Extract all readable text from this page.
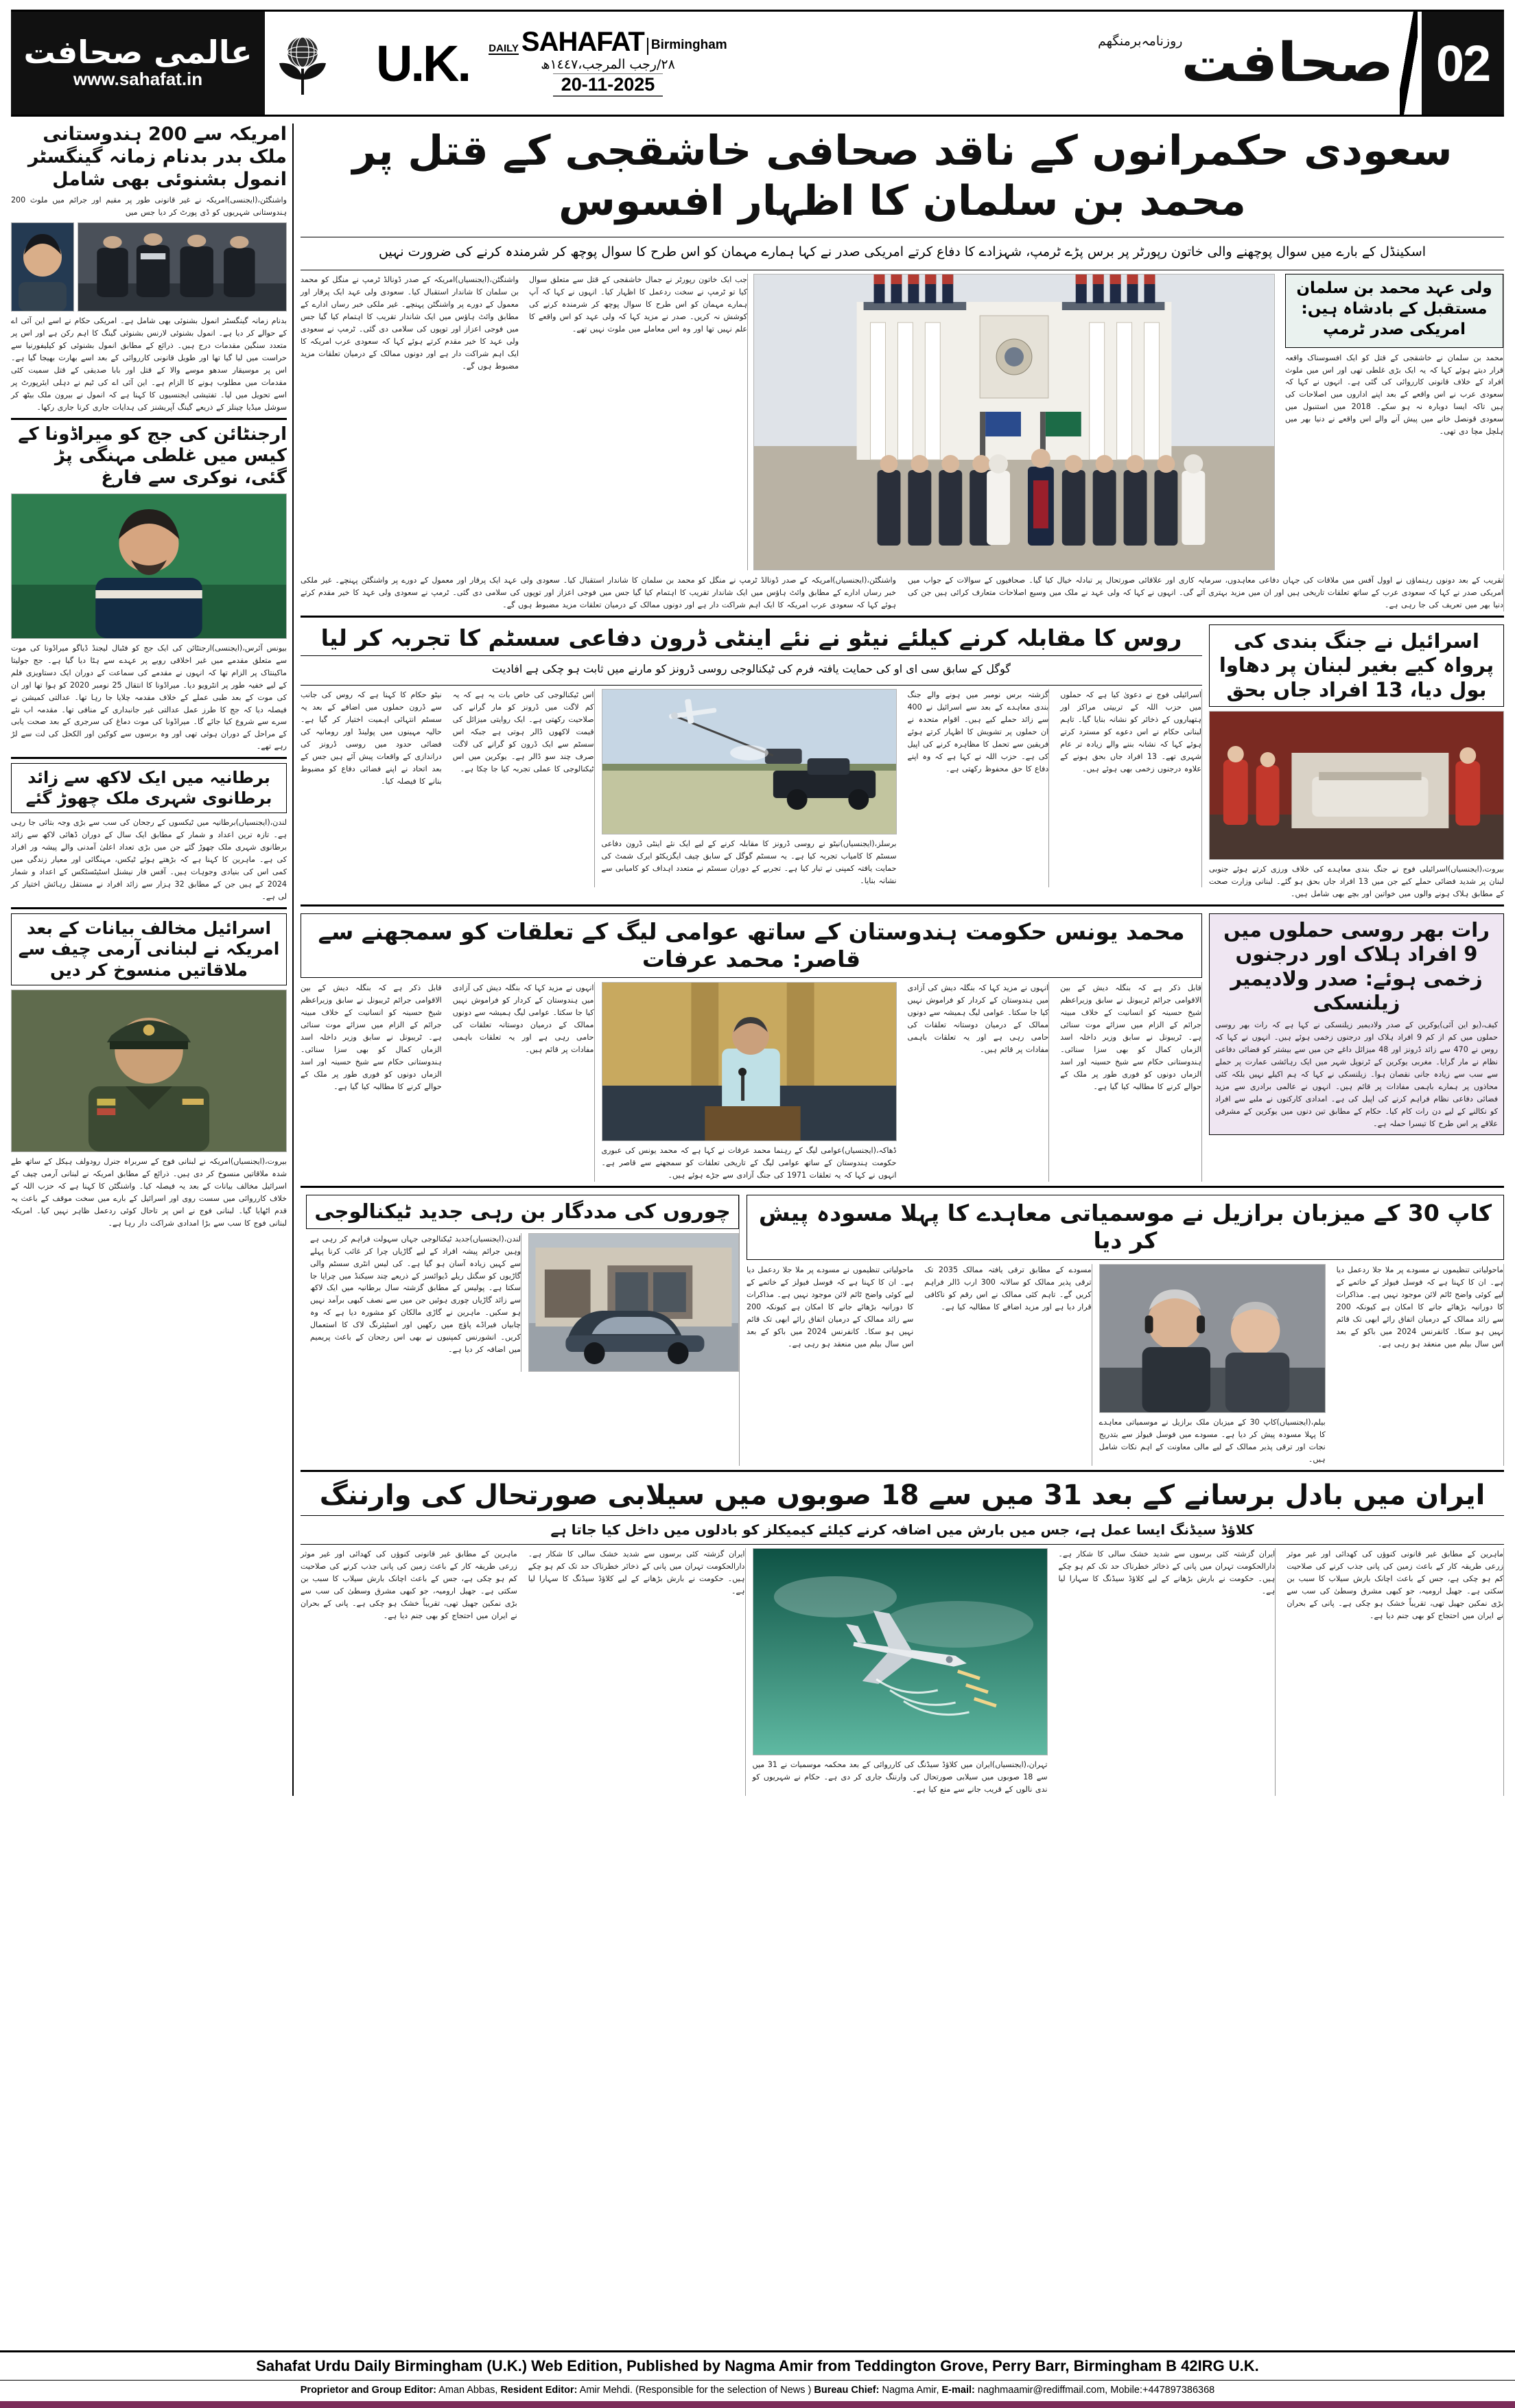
02
صحافت
روزنامہ
برمنگھم
DAILY SAHAFAT Birmingham
٢٨/رجب المرجب،١٤٤٧ھ
20-11-2025
U.K.
عالمی صحافت
www.sahafat.in
سعودی حکمرانوں کے ناقد صحافی خاشقجی کے قتل پر محمد بن سلمان کا اظہار افسوس
اسکینڈل کے بارے میں سوال پوچھنے والی خاتون رپورٹر پر برس پڑے ٹرمپ، شہزادے کا دفاع کرتے امریکی صدر نے کہا ہمارے مہمان کو اس طرح کا سوال پوچھ کر شرمندہ کرنے کی ضرورت نہیں
ولی عہد محمد بن سلمان مستقبل کے بادشاہ ہیں: امریکی صدر ٹرمپ
محمد بن سلمان نے خاشقجی کے قتل کو ایک افسوسناک واقعہ قرار دیتے ہوئے کہا کہ یہ ایک بڑی غلطی تھی اور اس میں ملوث افراد کے خلاف قانونی کارروائی کی گئی ہے۔ انہوں نے کہا کہ سعودی عرب نے اس واقعے کے بعد اپنے اداروں میں اصلاحات کی ہیں تاکہ ایسا دوبارہ نہ ہو سکے۔ 2018 میں استنبول میں سعودی قونصل خانے میں پیش آنے والے اس واقعے نے دنیا بھر میں ہلچل مچا دی تھی۔
جب ایک خاتون رپورٹر نے جمال خاشقجی کے قتل سے متعلق سوال کیا تو ٹرمپ نے سخت ردعمل کا اظہار کیا۔ انہوں نے کہا کہ آپ ہمارے مہمان کو اس طرح کا سوال پوچھ کر شرمندہ کرنے کی کوشش نہ کریں۔ صدر نے مزید کہا کہ ولی عہد کو اس واقعے کا علم نہیں تھا اور وہ اس معاملے میں ملوث نہیں تھے۔
واشنگٹن،(ایجنسیاں)امریکہ کے صدر ڈونالڈ ٹرمپ نے منگل کو محمد بن سلمان کا شاندار استقبال کیا۔ سعودی ولی عہد ایک پرقار اور معمول کے دورے پر واشنگٹن پہنچے۔ غیر ملکی خبر رساں ادارے کے مطابق وائٹ ہاؤس میں ایک شاندار تقریب کا اہتمام کیا گیا جس میں فوجی اعزاز اور توپوں کی سلامی دی گئی۔ ٹرمپ نے سعودی ولی عہد کا خیر مقدم کرتے ہوئے کہا کہ سعودی عرب امریکہ کا ایک اہم شراکت دار ہے اور دونوں ممالک کے درمیان تعلقات مزید مضبوط ہوں گے۔
تقریب کے بعد دونوں رہنماؤں نے اوول آفس میں ملاقات کی جہاں دفاعی معاہدوں، سرمایہ کاری اور علاقائی صورتحال پر تبادلہ خیال کیا گیا۔ صحافیوں کے سوالات کے جواب میں امریکی صدر نے کہا کہ سعودی عرب کے ساتھ تعلقات تاریخی ہیں اور ان میں مزید بہتری آئے گی۔ انہوں نے کہا کہ ولی عہد نے ملک میں وسیع اصلاحات متعارف کرائی ہیں جن کی دنیا بھر میں تعریف کی جا رہی ہے۔
واشنگٹن،(ایجنسیاں)امریکہ کے صدر ڈونالڈ ٹرمپ نے منگل کو محمد بن سلمان کا شاندار استقبال کیا۔ سعودی ولی عہد ایک پرقار اور معمول کے دورے پر واشنگٹن پہنچے۔ غیر ملکی خبر رساں ادارے کے مطابق وائٹ ہاؤس میں ایک شاندار تقریب کا اہتمام کیا گیا جس میں فوجی اعزاز اور توپوں کی سلامی دی گئی۔ ٹرمپ نے سعودی ولی عہد کا خیر مقدم کرتے ہوئے کہا کہ سعودی عرب امریکہ کا ایک اہم شراکت دار ہے اور دونوں ممالک کے درمیان تعلقات مزید مضبوط ہوں گے۔
اسرائیل نے جنگ بندی کی پرواہ کیے بغیر لبنان پر دھاوا بول دیا، 13 افراد جاں بحق
بیروت،(ایجنسیاں)اسرائیلی فوج نے جنگ بندی معاہدے کی خلاف ورزی کرتے ہوئے جنوبی لبنان پر شدید فضائی حملے کیے جن میں 13 افراد جاں بحق ہو گئے۔ لبنانی وزارت صحت کے مطابق ہلاک ہونے والوں میں خواتین اور بچے بھی شامل ہیں۔
روس کا مقابلہ کرنے کیلئے نیٹو نے نئے اینٹی ڈرون دفاعی سسٹم کا تجربہ کر لیا
گوگل کے سابق سی ای او کی حمایت یافتہ فرم کی ٹیکنالوجی روسی ڈرونز کو مارنے میں ثابت ہو چکی ہے افادیت
اسرائیلی فوج نے دعویٰ کیا ہے کہ حملوں میں حزب اللہ کے تربیتی مراکز اور ہتھیاروں کے ذخائر کو نشانہ بنایا گیا۔ تاہم لبنانی حکام نے اس دعوے کو مسترد کرتے ہوئے کہا کہ نشانہ بننے والے زیادہ تر عام شہری تھے۔ 13 افراد جاں بحق ہونے کے علاوہ درجنوں زخمی بھی ہوئے ہیں۔
گزشتہ برس نومبر میں ہونے والے جنگ بندی معاہدے کے بعد سے اسرائیل نے 400 سے زائد حملے کیے ہیں۔ اقوام متحدہ نے ان حملوں پر تشویش کا اظہار کرتے ہوئے فریقین سے تحمل کا مظاہرہ کرنے کی اپیل کی ہے۔ حزب اللہ نے کہا ہے کہ وہ اپنے دفاع کا حق محفوظ رکھتی ہے۔
برسلز،(ایجنسیاں)نیٹو نے روسی ڈرونز کا مقابلہ کرنے کے لیے ایک نئے اینٹی ڈرون دفاعی سسٹم کا کامیاب تجربہ کیا ہے۔ یہ سسٹم گوگل کے سابق چیف ایگزیکٹو ایرک شمٹ کی حمایت یافتہ کمپنی نے تیار کیا ہے۔ تجربے کے دوران سسٹم نے متعدد اہداف کو کامیابی سے نشانہ بنایا۔
اس ٹیکنالوجی کی خاص بات یہ ہے کہ یہ کم لاگت میں ڈرونز کو مار گرانے کی صلاحیت رکھتی ہے۔ ایک روایتی میزائل کی قیمت لاکھوں ڈالر ہوتی ہے جبکہ اس سسٹم سے ایک ڈرون کو گرانے کی لاگت صرف چند سو ڈالر ہے۔ یوکرین میں اس ٹیکنالوجی کا عملی تجربہ کیا جا چکا ہے۔
نیٹو حکام کا کہنا ہے کہ روس کی جانب سے ڈرون حملوں میں اضافے کے بعد یہ سسٹم انتہائی اہمیت اختیار کر گیا ہے۔ حالیہ مہینوں میں پولینڈ اور رومانیہ کی فضائی حدود میں روسی ڈرونز کی دراندازی کے واقعات پیش آئے ہیں جس کے بعد اتحاد نے اپنے فضائی دفاع کو مضبوط بنانے کا فیصلہ کیا۔
رات بھر روسی حملوں میں 9 افراد ہلاک اور درجنوں زخمی ہوئے: صدر ولادیمیر زیلنسکی
کیف،(یو این آئی)یوکرین کے صدر ولادیمیر زیلنسکی نے کہا ہے کہ رات بھر روسی حملوں میں کم از کم 9 افراد ہلاک اور درجنوں زخمی ہوئے ہیں۔ انہوں نے کہا کہ روس نے 470 سے زائد ڈرونز اور 48 میزائل داغے جن میں سے بیشتر کو فضائی دفاعی نظام نے مار گرایا۔ مغربی یوکرین کے ٹرنوپل شہر میں ایک رہائشی عمارت پر حملے سے سب سے زیادہ جانی نقصان ہوا۔ زیلنسکی نے کہا کہ ہم اکیلے نہیں بلکہ کئی محاذوں پر ہمارے باہمی مفادات پر قائم ہیں۔ انہوں نے عالمی برادری سے مزید فضائی دفاعی نظام فراہم کرنے کی اپیل کی ہے۔ امدادی کارکنوں نے ملبے سے افراد کو نکالنے کے لیے دن رات کام کیا۔ حکام کے مطابق تین دنوں میں یوکرین کے مشرقی علاقے پر اس طرح کا تیسرا حملہ ہے۔
محمد یونس حکومت ہندوستان کے ساتھ عوامی لیگ کے تعلقات کو سمجھنے سے قاصر: محمد عرفات
قابل ذکر ہے کہ بنگلہ دیش کے بین الاقوامی جرائم ٹریبونل نے سابق وزیراعظم شیخ حسینہ کو انسانیت کے خلاف مبینہ جرائم کے الزام میں سزائے موت سنائی ہے۔ ٹریبونل نے سابق وزیر داخلہ اسد الزماں کمال کو بھی سزا سنائی۔ ہندوستانی حکام سے شیخ حسینہ اور اسد الزماں دونوں کو فوری طور پر ملک کے حوالے کرنے کا مطالبہ کیا گیا ہے۔
انہوں نے مزید کہا کہ بنگلہ دیش کی آزادی میں ہندوستان کے کردار کو فراموش نہیں کیا جا سکتا۔ عوامی لیگ ہمیشہ سے دونوں ممالک کے درمیان دوستانہ تعلقات کی حامی رہی ہے اور یہ تعلقات باہمی مفادات پر قائم ہیں۔
ڈھاکہ،(ایجنسیاں)عوامی لیگ کے رہنما محمد عرفات نے کہا ہے کہ محمد یونس کی عبوری حکومت ہندوستان کے ساتھ عوامی لیگ کے تاریخی تعلقات کو سمجھنے سے قاصر ہے۔ انہوں نے کہا کہ یہ تعلقات 1971 کی جنگ آزادی سے جڑے ہوئے ہیں۔
انہوں نے مزید کہا کہ بنگلہ دیش کی آزادی میں ہندوستان کے کردار کو فراموش نہیں کیا جا سکتا۔ عوامی لیگ ہمیشہ سے دونوں ممالک کے درمیان دوستانہ تعلقات کی حامی رہی ہے اور یہ تعلقات باہمی مفادات پر قائم ہیں۔
قابل ذکر ہے کہ بنگلہ دیش کے بین الاقوامی جرائم ٹریبونل نے سابق وزیراعظم شیخ حسینہ کو انسانیت کے خلاف مبینہ جرائم کے الزام میں سزائے موت سنائی ہے۔ ٹریبونل نے سابق وزیر داخلہ اسد الزماں کمال کو بھی سزا سنائی۔ ہندوستانی حکام سے شیخ حسینہ اور اسد الزماں دونوں کو فوری طور پر ملک کے حوالے کرنے کا مطالبہ کیا گیا ہے۔
کاپ 30 کے میزبان برازیل نے موسمیاتی معاہدے کا پہلا مسودہ پیش کر دیا
ماحولیاتی تنظیموں نے مسودے پر ملا جلا ردعمل دیا ہے۔ ان کا کہنا ہے کہ فوسل فیولز کے خاتمے کے لیے کوئی واضح ٹائم لائن موجود نہیں ہے۔ مذاکرات کا دورانیہ بڑھائے جانے کا امکان ہے کیونکہ 200 سے زائد ممالک کے درمیان اتفاق رائے ابھی تک قائم نہیں ہو سکا۔ کانفرنس 2024 میں باکو کے بعد اس سال بیلم میں منعقد ہو رہی ہے۔
بیلم،(ایجنسیاں)کاپ 30 کے میزبان ملک برازیل نے موسمیاتی معاہدے کا پہلا مسودہ پیش کر دیا ہے۔ مسودے میں فوسل فیولز سے بتدریج نجات اور ترقی پذیر ممالک کے لیے مالی معاونت کے اہم نکات شامل ہیں۔
مسودے کے مطابق ترقی یافتہ ممالک 2035 تک ترقی پذیر ممالک کو سالانہ 300 ارب ڈالر فراہم کریں گے۔ تاہم کئی ممالک نے اس رقم کو ناکافی قرار دیا ہے اور مزید اضافے کا مطالبہ کیا ہے۔
ماحولیاتی تنظیموں نے مسودے پر ملا جلا ردعمل دیا ہے۔ ان کا کہنا ہے کہ فوسل فیولز کے خاتمے کے لیے کوئی واضح ٹائم لائن موجود نہیں ہے۔ مذاکرات کا دورانیہ بڑھائے جانے کا امکان ہے کیونکہ 200 سے زائد ممالک کے درمیان اتفاق رائے ابھی تک قائم نہیں ہو سکا۔ کانفرنس 2024 میں باکو کے بعد اس سال بیلم میں منعقد ہو رہی ہے۔
چوروں کی مددگار بن رہی جدید ٹیکنالوجی
لندن،(ایجنسیاں)جدید ٹیکنالوجی جہاں سہولت فراہم کر رہی ہے وہیں جرائم پیشہ افراد کے لیے گاڑیاں چرا کر غائب کرنا پہلے سے کہیں زیادہ آسان ہو گیا ہے۔ کی لیس انٹری سسٹم والی گاڑیوں کو سگنل ریلے ڈیوائسز کے ذریعے چند سیکنڈ میں چرایا جا سکتا ہے۔ پولیس کے مطابق گزشتہ سال برطانیہ میں ایک لاکھ سے زائد گاڑیاں چوری ہوئیں جن میں سے نصف کبھی برآمد نہیں ہو سکیں۔ ماہرین نے گاڑی مالکان کو مشورہ دیا ہے کہ وہ چابیاں فیراڈے پاؤچ میں رکھیں اور اسٹیئرنگ لاک کا استعمال کریں۔ انشورنس کمپنیوں نے بھی اس رجحان کے باعث پریمیم میں اضافہ کر دیا ہے۔
ایران میں بادل برسانے کے بعد 31 میں سے 18 صوبوں میں سیلابی صورتحال کی وارننگ
کلاؤڈ سیڈنگ ایسا عمل ہے، جس میں بارش میں اضافہ کرنے کیلئے کیمیکلز کو بادلوں میں داخل کیا جاتا ہے
ماہرین کے مطابق غیر قانونی کنوؤں کی کھدائی اور غیر موثر زرعی طریقہ کار کے باعث زمین کی پانی جذب کرنے کی صلاحیت کم ہو چکی ہے، جس کے باعث اچانک بارش سیلاب کا سبب بن سکتی ہے۔ جھیل ارومیہ، جو کبھی مشرق وسطیٰ کی سب سے بڑی نمکین جھیل تھی، تقریباً خشک ہو چکی ہے۔ پانی کے بحران نے ایران میں احتجاج کو بھی جنم دیا ہے۔
ایران گزشتہ کئی برسوں سے شدید خشک سالی کا شکار ہے۔ دارالحکومت تہران میں پانی کے ذخائر خطرناک حد تک کم ہو چکے ہیں۔ حکومت نے بارش بڑھانے کے لیے کلاؤڈ سیڈنگ کا سہارا لیا ہے۔
تہران،(ایجنسیاں)ایران میں کلاؤڈ سیڈنگ کی کارروائی کے بعد محکمہ موسمیات نے 31 میں سے 18 صوبوں میں سیلابی صورتحال کی وارننگ جاری کر دی ہے۔ حکام نے شہریوں کو ندی نالوں کے قریب جانے سے منع کیا ہے۔
ایران گزشتہ کئی برسوں سے شدید خشک سالی کا شکار ہے۔ دارالحکومت تہران میں پانی کے ذخائر خطرناک حد تک کم ہو چکے ہیں۔ حکومت نے بارش بڑھانے کے لیے کلاؤڈ سیڈنگ کا سہارا لیا ہے۔
ماہرین کے مطابق غیر قانونی کنوؤں کی کھدائی اور غیر موثر زرعی طریقہ کار کے باعث زمین کی پانی جذب کرنے کی صلاحیت کم ہو چکی ہے، جس کے باعث اچانک بارش سیلاب کا سبب بن سکتی ہے۔ جھیل ارومیہ، جو کبھی مشرق وسطیٰ کی سب سے بڑی نمکین جھیل تھی، تقریباً خشک ہو چکی ہے۔ پانی کے بحران نے ایران میں احتجاج کو بھی جنم دیا ہے۔
امریکہ سے 200 ہندوستانی ملک بدر بدنام زمانہ گینگسٹر انمول بشنوئی بھی شامل
واشنگٹن،(ایجنسی)امریکہ نے غیر قانونی طور پر مقیم اور جرائم میں ملوث 200 ہندوستانی شہریوں کو ڈی پورٹ کر دیا جس میں
بدنام زمانہ گینگسٹر انمول بشنوئی بھی شامل ہے۔ امریکی حکام نے اسے این آئی اے کے حوالے کر دیا ہے۔ انمول بشنوئی لارنس بشنوئی گینگ کا اہم رکن ہے اور اس پر متعدد سنگین مقدمات درج ہیں۔ ذرائع کے مطابق انمول بشنوئی کو کیلیفورنیا سے حراست میں لیا گیا تھا اور طویل قانونی کارروائی کے بعد اسے بھارت بھیجا گیا ہے۔ اس پر موسیقار سدھو موسے والا کے قتل اور بابا صدیقی کے قتل سمیت کئی مقدمات میں مطلوب ہونے کا الزام ہے۔ این آئی اے کی ٹیم نے دہلی ایئرپورٹ پر اسے تحویل میں لیا۔ تفتیشی ایجنسیوں کا کہنا ہے کہ انمول نے بیرون ملک بیٹھ کر سوشل میڈیا چینلز کے ذریعے گینگ آپریشنز کی ہدایات جاری کرنا جاری رکھا۔
ارجنٹائن کی جج کو میراڈونا کے کیس میں غلطی مہنگی پڑ گئی، نوکری سے فارغ
بیونس آئرس،(ایجنسی)ارجنٹائن کی ایک جج کو فٹبال لیجنڈ ڈیاگو میراڈونا کی موت سے متعلق مقدمے میں غیر اخلاقی رویے پر عہدے سے ہٹا دیا گیا ہے۔ جج جولیتا ماکینتاک پر الزام تھا کہ انہوں نے مقدمے کی سماعت کے دوران ایک دستاویزی فلم کے لیے خفیہ طور پر انٹرویو دیا۔ میراڈونا کا انتقال 25 نومبر 2020 کو ہوا تھا اور ان کی موت کے بعد طبی عملے کے خلاف مقدمہ چلایا جا رہا تھا۔ عدالتی کمیشن نے فیصلہ دیا کہ جج کا طرز عمل عدالتی غیر جانبداری کے منافی تھا۔ مقدمہ اب نئے سرے سے شروع کیا جائے گا۔ میراڈونا کی موت دماغ کی سرجری کے بعد صحت یابی کے مراحل کے دوران ہوئی تھی اور وہ برسوں سے کوکین اور الکحل کی لت سے لڑ رہے تھے۔
برطانیہ میں ایک لاکھ سے زائد برطانوی شہری ملک چھوڑ گئے
لندن،(ایجنسیاں)برطانیہ میں ٹیکسوں کے رجحان کی سب سے بڑی وجہ بتائی جا رہی ہے۔ تازہ ترین اعداد و شمار کے مطابق ایک سال کے دوران ڈھائی لاکھ سے زائد برطانوی شہری ملک چھوڑ گئے جن میں بڑی تعداد اعلیٰ آمدنی والے پیشہ ور افراد کی ہے۔ ماہرین کا کہنا ہے کہ بڑھتے ہوئے ٹیکس، مہنگائی اور معیار زندگی میں کمی اس کی بنیادی وجوہات ہیں۔ آفس فار نیشنل اسٹیٹسٹکس کے اعداد و شمار 2024 کے ہیں جن کے مطابق 32 ہزار سے زائد افراد نے مستقل رہائش اختیار کر لی ہے۔
اسرائیل مخالف بیانات کے بعد امریکہ نے لبنانی آرمی چیف سے ملاقاتیں منسوخ کر دیں
بیروت،(ایجنسیاں)امریکہ نے لبنانی فوج کے سربراہ جنرل رودولف ہیکل کے ساتھ طے شدہ ملاقاتیں منسوخ کر دی ہیں۔ ذرائع کے مطابق امریکہ نے لبنانی آرمی چیف کے اسرائیل مخالف بیانات کے بعد یہ فیصلہ کیا۔ واشنگٹن کا کہنا ہے کہ حزب اللہ کے خلاف کارروائی میں سست روی اور اسرائیل کے بارے میں سخت موقف کے باعث یہ قدم اٹھایا گیا۔ لبنانی فوج نے اس پر تاحال کوئی ردعمل ظاہر نہیں کیا۔ امریکہ لبنانی فوج کا سب سے بڑا امدادی شراکت دار رہا ہے۔
Sahafat Urdu Daily Birmingham (U.K.) Web Edition, Published by Nagma Amir from Teddington Grove, Perry Barr, Birmingham B 42IRG U.K.
Proprietor and Group Editor: Aman Abbas, Resident Editor: Amir Mehdi. (Responsible for the selection of News ) Bureau Chief: Nagma Amir, E-mail: naghmaamir@rediffmail.com, Mobile:+447897386368
